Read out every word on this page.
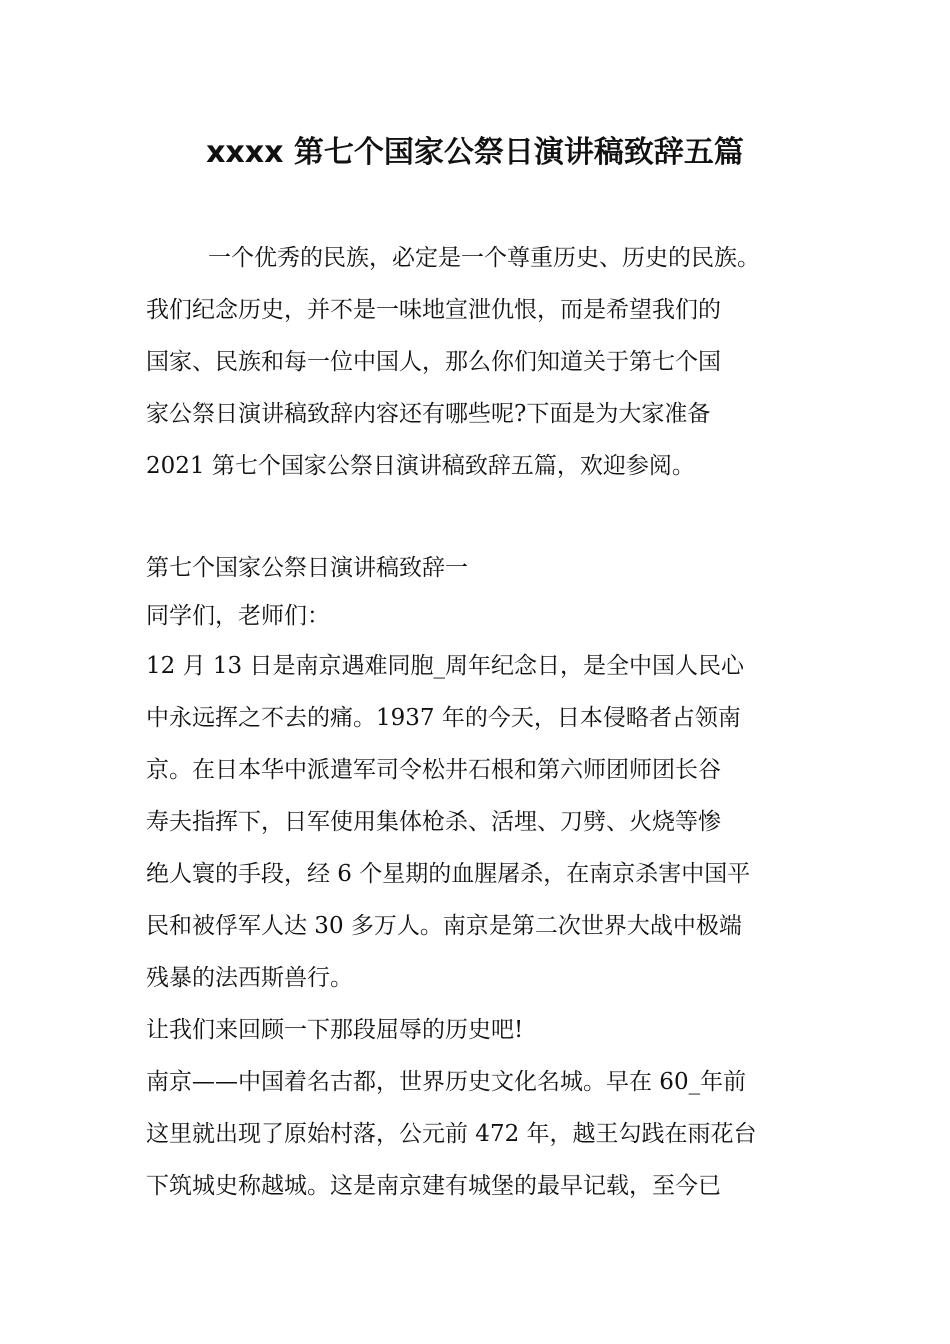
xxxx 第七个国家公祭日演讲稿致辞五篇

一个优秀的民族，必定是一个尊重历史、历史的民族。

我们纪念历史，并不是一味地宣泄仇恨，而是希望我们的

国家、民族和每一位中国人，那么你们知道关于第七个国

家公祭日演讲稿致辞内容还有哪些呢?下面是为大家准备

2021 第七个国家公祭日演讲稿致辞五篇，欢迎参阅。

第七个国家公祭日演讲稿致辞一

同学们，老师们：

12 月 13 日是南京遇难同胞_周年纪念日，是全中国人民心

中永远挥之不去的痛。1937 年的今天，日本侵略者占领南

京。在日本华中派遣军司令松井石根和第六师团师团长谷

寿夫指挥下，日军使用集体枪杀、活埋、刀劈、火烧等惨

绝人寰的手段，经 6 个星期的血腥屠杀，在南京杀害中国平

民和被俘军人达 30 多万人。南京是第二次世界大战中极端

残暴的法西斯兽行。

让我们来回顾一下那段屈辱的历史吧!

南京——中国着名古都，世界历史文化名城。早在 60_年前

这里就出现了原始村落，公元前 472 年，越王勾践在雨花台

下筑城史称越城。这是南京建有城堡的最早记载，至今已
